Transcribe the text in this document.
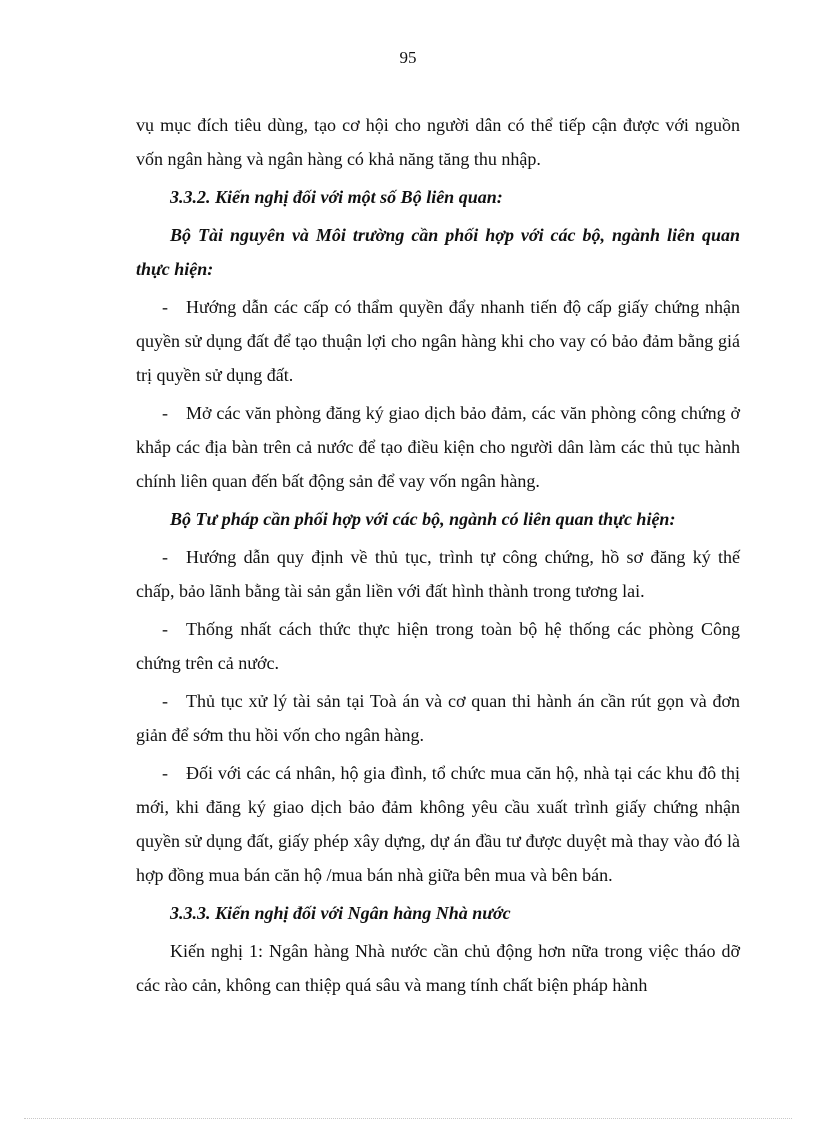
95

vụ mục đích tiêu dùng, tạo cơ hội cho người dân có thể tiếp cận được với nguồn vốn ngân hàng và ngân hàng có khả năng tăng thu nhập.

3.3.2. Kiến nghị đối với một số Bộ liên quan:

Bộ Tài nguyên và Môi trường cần phối hợp với các bộ, ngành liên quan thực hiện:

- Hướng dẫn các cấp có thẩm quyền đẩy nhanh tiến độ cấp giấy chứng nhận quyền sử dụng đất để tạo thuận lợi cho ngân hàng khi cho vay có bảo đảm bằng giá trị quyền sử dụng đất.

- Mở các văn phòng đăng ký giao dịch bảo đảm, các văn phòng công chứng ở khắp các địa bàn trên cả nước để tạo điều kiện cho người dân làm các thủ tục hành chính liên quan đến bất động sản để vay vốn ngân hàng.

Bộ Tư pháp cần phối hợp với các bộ, ngành có liên quan thực hiện:

- Hướng dẫn quy định về thủ tục, trình tự công chứng, hồ sơ đăng ký thế chấp, bảo lãnh bằng tài sản gắn liền với đất hình thành trong tương lai.

- Thống nhất cách thức thực hiện trong toàn bộ hệ thống các phòng Công chứng trên cả nước.

- Thủ tục xử lý tài sản tại Toà án và cơ quan thi hành án cần rút gọn và đơn giản để sớm thu hồi vốn cho ngân hàng.

- Đối với các cá nhân, hộ gia đình, tổ chức mua căn hộ, nhà tại các khu đô thị mới, khi đăng ký giao dịch bảo đảm không yêu cầu xuất trình giấy chứng nhận quyền sử dụng đất, giấy phép xây dựng, dự án đầu tư được duyệt mà thay vào đó là hợp đồng mua bán căn hộ /mua bán nhà giữa bên mua và bên bán.

3.3.3. Kiến nghị đối với Ngân hàng Nhà nước

Kiến nghị 1: Ngân hàng Nhà nước cần chủ động hơn nữa trong việc tháo dỡ các rào cản, không can thiệp quá sâu và mang tính chất biện pháp hành
